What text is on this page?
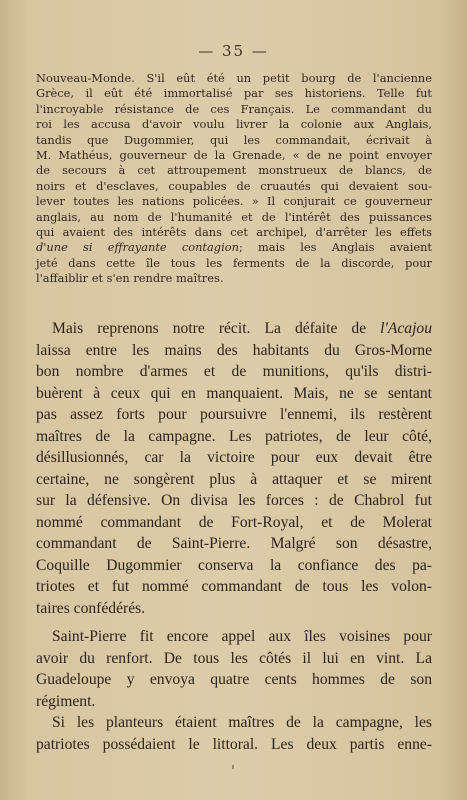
— 35 —
Nouveau-Monde. S'il eût été un petit bourg de l'ancienne
Grèce, il eût été immortalisé par ses historiens. Telle fut
l'incroyable résistance de ces Français. Le commandant du
roi les accusa d'avoir voulu livrer la colonie aux Anglais,
tandis que Dugommier, qui les commandait, écrivait à
M. Mathéus, gouverneur de la Grenade, « de ne point envoyer
de secours à cet attroupement monstrueux de blancs, de
noirs et d'esclaves, coupables de cruautés qui devaient sou-
lever toutes les nations policées. » Il conjurait ce gouverneur
anglais, au nom de l'humanité et de l'intérêt des puissances
qui avaient des intérêts dans cet archipel, d'arrêter les effets
d'une si effrayante contagion; mais les Anglais avaient
jeté dans cette île tous les ferments de la discorde, pour
l'affaiblir et s'en rendre maîtres.
Mais reprenons notre récit. La défaite de l'Acajou
laissa entre les mains des habitants du Gros-Morne
bon nombre d'armes et de munitions, qu'ils distri-
buèrent à ceux qui en manquaient. Mais, ne se sentant
pas assez forts pour poursuivre l'ennemi, ils restèrent
maîtres de la campagne. Les patriotes, de leur côté,
désillusionnés, car la victoire pour eux devait être
certaine, ne songèrent plus à attaquer et se mirent
sur la défensive. On divisa les forces : de Chabrol fut
nommé commandant de Fort-Royal, et de Molerat
commandant de Saint-Pierre. Malgré son désastre,
Coquille Dugommier conserva la confiance des pa-
triotes et fut nommé commandant de tous les volon-
taires confédérés.
Saint-Pierre fit encore appel aux îles voisines pour
avoir du renfort. De tous les côtés il lui en vint. La
Guadeloupe y envoya quatre cents hommes de son
régiment.
Si les planteurs étaient maîtres de la campagne, les
patriotes possédaient le littoral. Les deux partis enne-
